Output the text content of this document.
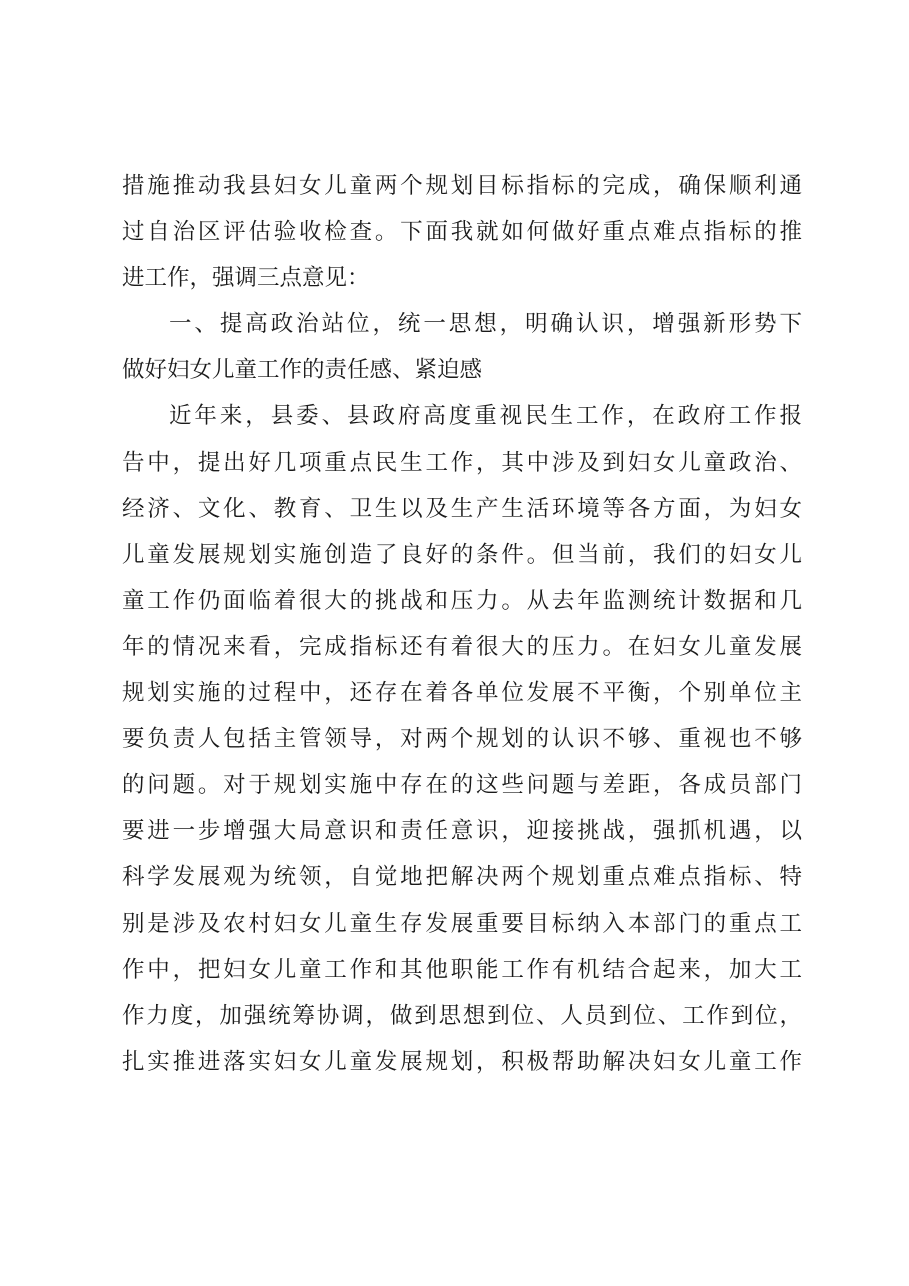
措施推动我县妇女儿童两个规划目标指标的完成，确保顺利通
过自治区评估验收检查。下面我就如何做好重点难点指标的推
进工作，强调三点意见：
一、提高政治站位，统一思想，明确认识，增强新形势下
做好妇女儿童工作的责任感、紧迫感
近年来，县委、县政府高度重视民生工作，在政府工作报
告中，提出好几项重点民生工作，其中涉及到妇女儿童政治、
经济、文化、教育、卫生以及生产生活环境等各方面，为妇女
儿童发展规划实施创造了良好的条件。但当前，我们的妇女儿
童工作仍面临着很大的挑战和压力。从去年监测统计数据和几
年的情况来看，完成指标还有着很大的压力。在妇女儿童发展
规划实施的过程中，还存在着各单位发展不平衡，个别单位主
要负责人包括主管领导，对两个规划的认识不够、重视也不够
的问题。对于规划实施中存在的这些问题与差距，各成员部门
要进一步增强大局意识和责任意识，迎接挑战，强抓机遇，以
科学发展观为统领，自觉地把解决两个规划重点难点指标、特
别是涉及农村妇女儿童生存发展重要目标纳入本部门的重点工
作中，把妇女儿童工作和其他职能工作有机结合起来，加大工
作力度，加强统筹协调，做到思想到位、人员到位、工作到位，
扎实推进落实妇女儿童发展规划，积极帮助解决妇女儿童工作
